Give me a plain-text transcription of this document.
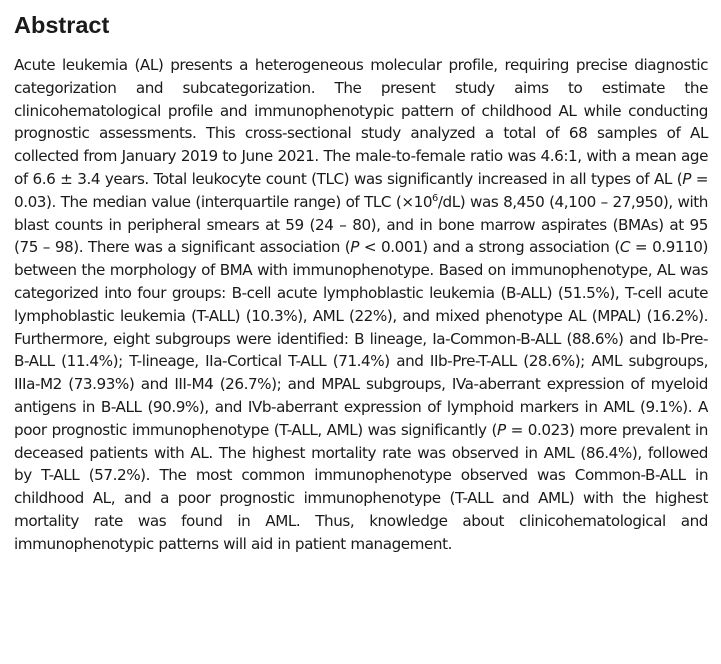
Abstract

Acute leukemia (AL) presents a heterogeneous molecular profile, requiring precise diagnostic categorization and subcategorization. The present study aims to estimate the clinicohematological profile and immunophenotypic pattern of childhood AL while conducting prognostic assessments. This cross-sectional study analyzed a total of 68 samples of AL collected from January 2019 to June 2021. The male-to-female ratio was 4.6:1, with a mean age of 6.6 ± 3.4 years. Total leukocyte count (TLC) was significantly increased in all types of AL (P = 0.03). The median value (interquartile range) of TLC $(\times 10^6/dL)$ was 8,450 (4,100 – 27,950), with blast counts in peripheral smears at 59 (24 – 80), and in bone marrow aspirates (BMAs) at 95 (75 – 98). There was a significant association (P < 0.001) and a strong association (C = 0.9110) between the morphology of BMA with immunophenotype. Based on immunophenotype, AL was categorized into four groups: B-cell acute lymphoblastic leukemia (B-ALL) (51.5%), T-cell acute lymphoblastic leukemia (T-ALL) (10.3%), AML (22%), and mixed phenotype AL (MPAL) (16.2%). Furthermore, eight subgroups were identified: B lineage, Ia-Common-B-ALL (88.6%) and Ib-Pre-B-ALL (11.4%); T-lineage, IIa-Cortical T-ALL (71.4%) and IIb-Pre-T-ALL (28.6%); AML subgroups, IIIa-M2 (73.93%) and III-M4 (26.7%); and MPAL subgroups, IVa-aberrant expression of myeloid antigens in B-ALL (90.9%), and IVb-aberrant expression of lymphoid markers in AML (9.1%). A poor prognostic immunophenotype (T-ALL, AML) was significantly (P = 0.023) more prevalent in deceased patients with AL. The highest mortality rate was observed in AML (86.4%), followed by T-ALL (57.2%). The most common immunophenotype observed was Common-B-ALL in childhood AL, and a poor prognostic immunophenotype (T-ALL and AML) with the highest mortality rate was found in AML. Thus, knowledge about clinicohematological and immunophenotypic patterns will aid in patient management.
